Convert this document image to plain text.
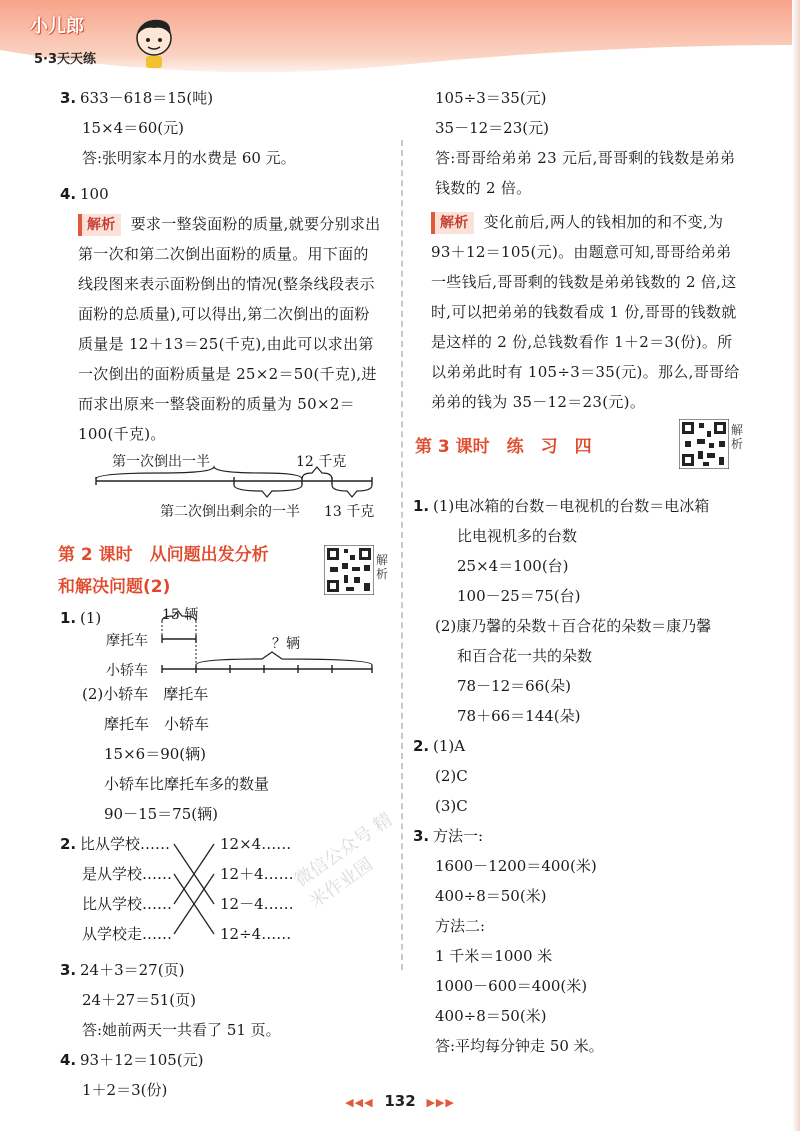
小儿郎
5·3天天练
3. 633－618＝15(吨)
15×4＝60(元)
答:张明家本月的水费是 60 元。
4. 100
解析 要求一整袋面粉的质量,就要分别求出第一次和第二次倒出面粉的质量。用下面的线段图来表示面粉倒出的情况(整条线段表示面粉的总质量),可以得出,第二次倒出的面粉质量是 12＋13＝25(千克),由此可以求出第一次倒出的面粉质量是 25×2＝50(千克),进而求出原来一整袋面粉的质量为 50×2＝100(千克)。
第一次倒出一半	12 千克
第二次倒出剩余的一半 13 千克
第 2 课时　从问题出发分析
和解决问题(2)
解析
1. (1)
摩托车
小轿车
15 辆
？辆
(2)小轿车　摩托车
摩托车　小轿车
15×6＝90(辆)
小轿车比摩托车多的数量
90－15＝75(辆)
2. 比从学校……
是从学校……
比从学校……
从学校走……
12×4……
12＋4……
12－4……
12÷4……
3. 24＋3＝27(页)
24＋27＝51(页)
答:她前两天一共看了 51 页。
4. 93＋12＝105(元)
1＋2＝3(份)
105÷3＝35(元)
35－12＝23(元)
答:哥哥给弟弟 23 元后,哥哥剩的钱数是弟弟钱数的 2 倍。
解析 变化前后,两人的钱相加的和不变,为 93＋12＝105(元)。由题意可知,哥哥给弟弟一些钱后,哥哥剩的钱数是弟弟钱数的 2 倍,这时,可以把弟弟的钱数看成 1 份,哥哥的钱数就是这样的 2 份,总钱数看作 1＋2＝3(份)。所以弟弟此时有 105÷3＝35(元)。那么,哥哥给弟弟的钱为 35－12＝23(元)。
第 3 课时　练　习　四
解析
1. (1)电冰箱的台数－电视机的台数＝电冰箱
比电视机多的台数
25×4＝100(台)
100－25＝75(台)
(2)康乃馨的朵数＋百合花的朵数＝康乃馨
和百合花一共的朵数
78－12＝66(朵)
78＋66＝144(朵)
2. (1)A
(2)C
(3)C
3. 方法一:
1600－1200＝400(米)
400÷8＝50(米)
方法二:
1 千米＝1000 米
1000－600＝400(米)
400÷8＝50(米)
答:平均每分钟走 50 米。
微信公众号 精米作业园
◀◀◀ 132 ▶▶▶
